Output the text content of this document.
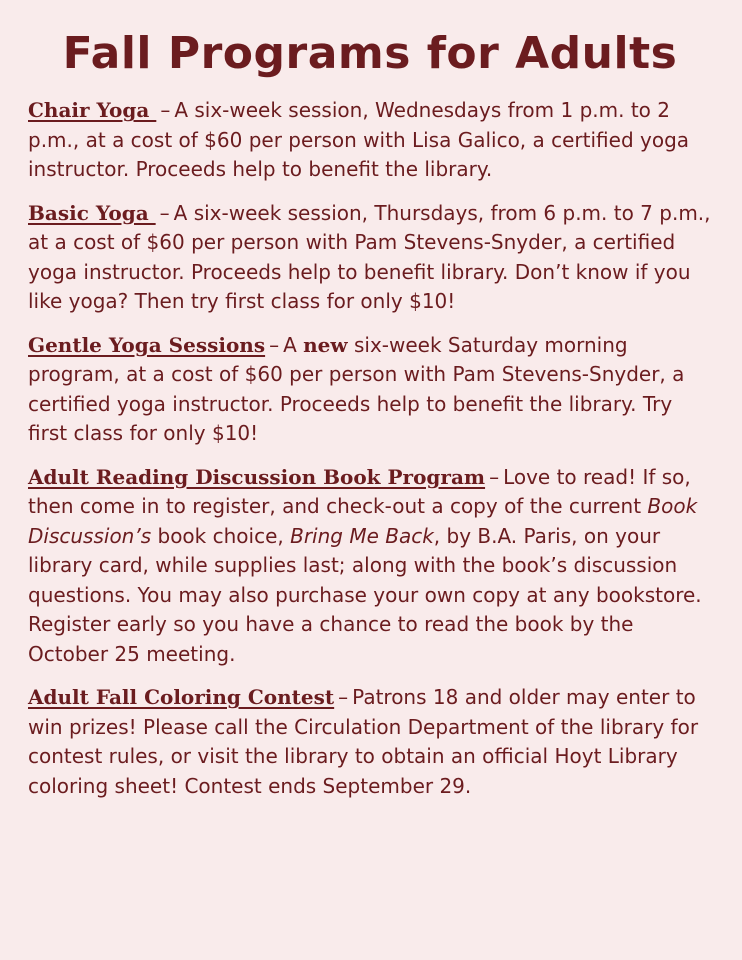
Fall Programs for Adults
Chair Yoga – A six-week session, Wednesdays from 1 p.m. to 2 p.m., at a cost of $60 per person with Lisa Galico, a certified yoga instructor. Proceeds help to benefit the library.
Basic Yoga – A six-week session, Thursdays, from 6 p.m. to 7 p.m., at a cost of $60 per person with Pam Stevens-Snyder, a certified yoga instructor. Proceeds help to benefit library. Don’t know if you like yoga? Then try first class for only $10!
Gentle Yoga Sessions – A new six-week Saturday morning program, at a cost of $60 per person with Pam Stevens-Snyder, a certified yoga instructor. Proceeds help to benefit the library. Try first class for only $10!
Adult Reading Discussion Book Program – Love to read! If so, then come in to register, and check-out a copy of the current Book Discussion’s book choice, Bring Me Back, by B.A. Paris, on your library card, while supplies last; along with the book’s discussion questions. You may also purchase your own copy at any bookstore. Register early so you have a chance to read the book by the October 25 meeting.
Adult Fall Coloring Contest – Patrons 18 and older may enter to win prizes! Please call the Circulation Department of the library for contest rules, or visit the library to obtain an official Hoyt Library coloring sheet! Contest ends September 29.
